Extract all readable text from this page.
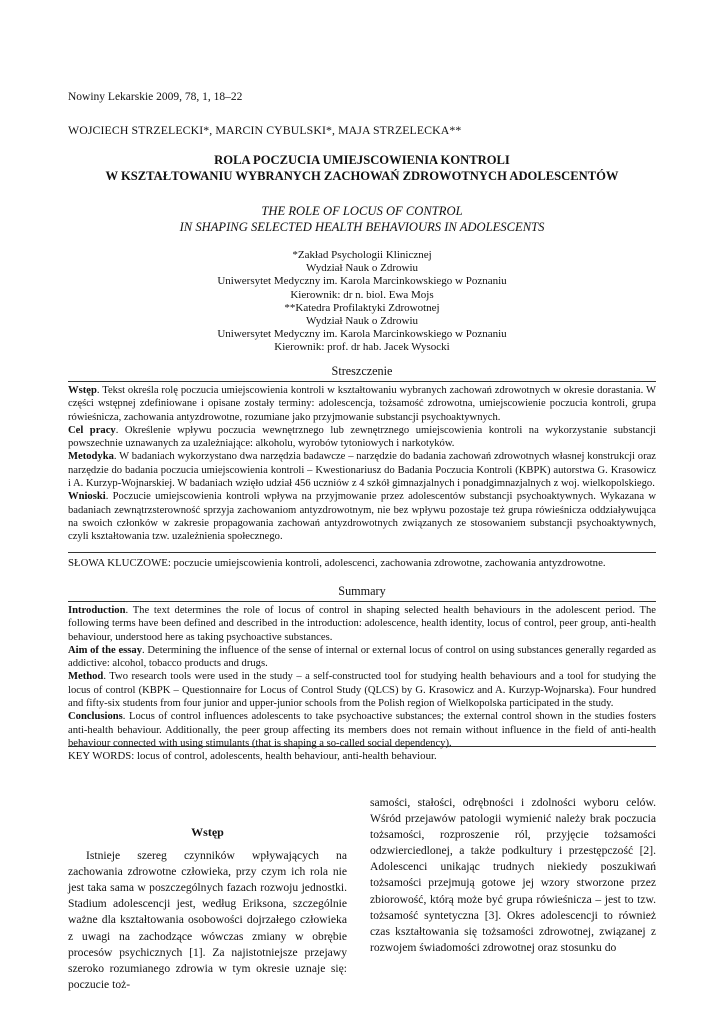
Nowiny Lekarskie 2009, 78, 1, 18–22
WOJCIECH STRZELECKI*, MARCIN CYBULSKI*, MAJA STRZELECKA**
ROLA POCZUCIA UMIEJSCOWIENIA KONTROLI
W KSZTAŁTOWANIU WYBRANYCH ZACHOWAŃ ZDROWOTNYCH ADOLESCENTÓW
THE ROLE OF LOCUS OF CONTROL
IN SHAPING SELECTED HEALTH BEHAVIOURS IN ADOLESCENTS
*Zakład Psychologii Klinicznej
Wydział Nauk o Zdrowiu
Uniwersytet Medyczny im. Karola Marcinkowskiego w Poznaniu
Kierownik: dr n. biol. Ewa Mojs
**Katedra Profilaktyki Zdrowotnej
Wydział Nauk o Zdrowiu
Uniwersytet Medyczny im. Karola Marcinkowskiego w Poznaniu
Kierownik: prof. dr hab. Jacek Wysocki
Streszczenie

Wstęp. Tekst określa rolę poczucia umiejscowienia kontroli w kształtowaniu wybranych zachowań zdrowotnych w okresie dorastania. W części wstępnej zdefiniowane i opisane zostały terminy: adolescencja, tożsamość zdrowotna, umiejscowienie poczucia kontroli, grupa rówieśnicza, zachowania antyzdrowotne, rozumiane jako przyjmowanie substancji psychoaktywnych.

Cel pracy. Określenie wpływu poczucia wewnętrznego lub zewnętrznego umiejscowienia kontroli na wykorzystanie substancji powszechnie uznawanych za uzależniające: alkoholu, wyrobów tytoniowych i narkotyków.

Metodyka. W badaniach wykorzystano dwa narzędzia badawcze – narzędzie do badania zachowań zdrowotnych własnej konstrukcji oraz narzędzie do badania poczucia umiejscowienia kontroli – Kwestionariusz do Badania Poczucia Kontroli (KBPK) autorstwa G. Krasowicz i A. Kurzyp-Wojnarskiej. W badaniach wzięło udział 456 uczniów z 4 szkół gimnazjalnych i ponadgimnazjalnych z woj. wielkopolskiego.

Wnioski. Poczucie umiejscowienia kontroli wpływa na przyjmowanie przez adolescentów substancji psychoaktywnych. Wykazana w badaniach zewnątrzsterowność sprzyja zachowaniom antyzdrowotnym, nie bez wpływu pozostaje też grupa rówieśnicza oddziaływująca na swoich członków w zakresie propagowania zachowań antyzdrowotnych związanych ze stosowaniem substancji psychoaktywnych, czyli kształtowania tzw. uzależnienia społecznego.

SŁOWA KLUCZOWE: poczucie umiejscowienia kontroli, adolescenci, zachowania zdrowotne, zachowania antyzdrowotne.
Summary

Introduction. The text determines the role of locus of control in shaping selected health behaviours in the adolescent period. The following terms have been defined and described in the introduction: adolescence, health identity, locus of control, peer group, anti-health behaviour, understood here as taking psychoactive substances.

Aim of the essay. Determining the influence of the sense of internal or external locus of control on using substances generally regarded as addictive: alcohol, tobacco products and drugs.

Method. Two research tools were used in the study – a self-constructed tool for studying health behaviours and a tool for studying the locus of control (KBPK – Questionnaire for Locus of Control Study (QLCS) by G. Krasowicz and A. Kurzyp-Wojnarska). Four hundred and fifty-six students from four junior and upper-junior schools from the Polish region of Wielkopolska participated in the study.

Conclusions. Locus of control influences adolescents to take psychoactive substances; the external control shown in the studies fosters anti-health behaviour. Additionally, the peer group affecting its members does not remain without influence in the field of anti-health behaviour connected with using stimulants (that is shaping a so-called social dependency).

KEY WORDS: locus of control, adolescents, health behaviour, anti-health behaviour.
Wstęp

Istnieje szereg czynników wpływających na zachowania zdrowotne człowieka, przy czym ich rola nie jest taka sama w poszczególnych fazach rozwoju jednostki. Stadium adolescencji jest, według Eriksona, szczególnie ważne dla kształtowania osobowości dojrzałego człowieka z uwagi na zachodzące wówczas zmiany w obrębie procesów psychicznych [1]. Za najistotniejsze przejawy szeroko rozumianego zdrowia w tym okresie uznaje się: poczucie toż-

samości, stałości, odrębności i zdolności wyboru celów. Wśród przejawów patologii wymienić należy brak poczucia tożsamości, rozproszenie ról, przyjęcie tożsamości odzwierciedlonej, a także podkultury i przestępczość [2]. Adolescenci unikając trudnych niekiedy poszukiwań tożsamości przejmują gotowe jej wzory stworzone przez zbiorowość, którą może być grupa rówieśnicza – jest to tzw. tożsamość syntetyczna [3]. Okres adolescencji to również czas kształtowania się tożsamości zdrowotnej, związanej z rozwojem świadomości zdrowotnej oraz stosunku do
